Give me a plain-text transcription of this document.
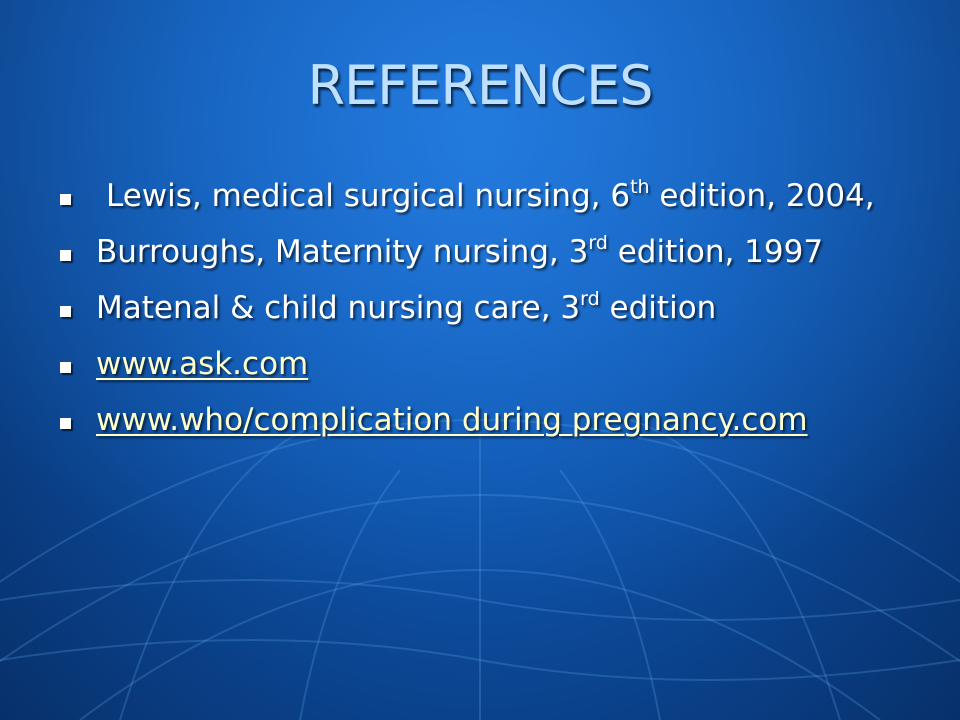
REFERENCES
Lewis, medical surgical nursing, 6th edition, 2004,
Burroughs, Maternity nursing, 3rd edition, 1997
Matenal & child nursing care, 3rd edition
www.ask.com
www.who/complication during pregnancy.com
